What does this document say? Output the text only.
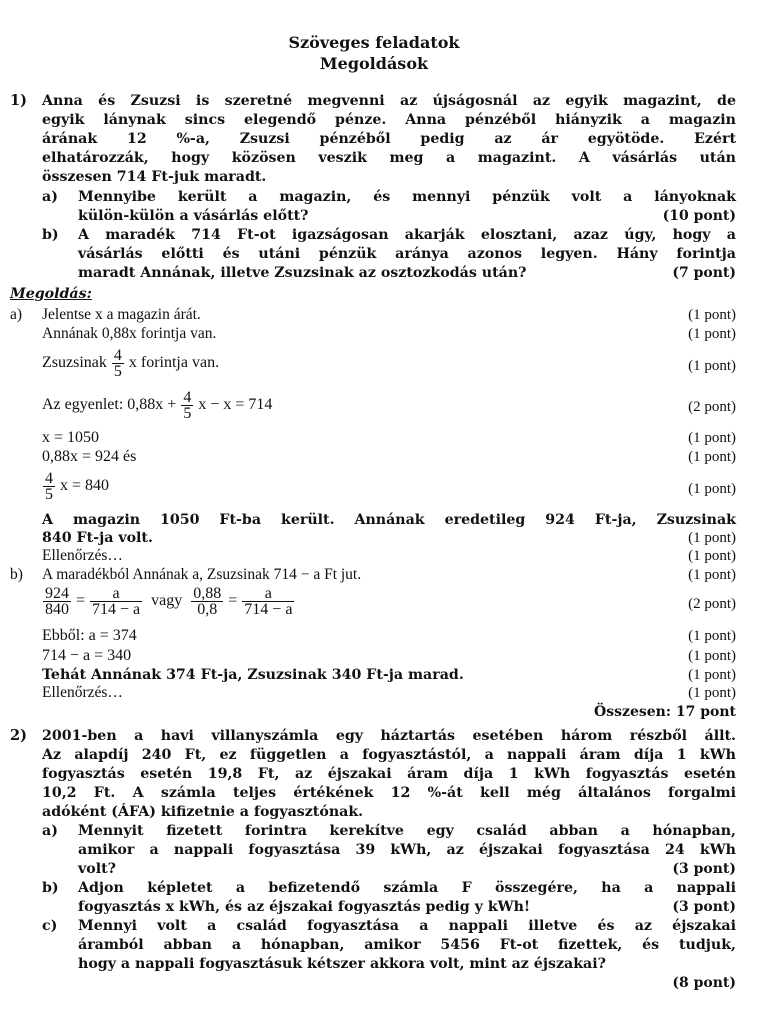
Szöveges feladatok
Megoldások
1) Anna és Zsuzsi is szeretné megvenni az újságosnál az egyik magazint, de
egyik lánynak sincs elegendő pénze. Anna pénzéből hiányzik a magazin
árának 12 %-a, Zsuzsi pénzéből pedig az ár egyötöde. Ezért
elhatározzák, hogy közösen veszik meg a magazint. A vásárlás után
összesen 714 Ft-juk maradt.
a) Mennyibe került a magazin, és mennyi pénzük volt a lányoknak
külön-külön a vásárlás előtt?	(10 pont)
b) A maradék 714 Ft-ot igazságosan akarják elosztani, azaz úgy, hogy a
vásárlás előtti és utáni pénzük aránya azonos legyen. Hány forintja
maradt Annának, illetve Zsuzsinak az osztozkodás után?	(7 pont)
Megoldás:
a) Jelentse x a magazin árát.	(1 pont)
Annának 0,88x forintja van.	(1 pont)
Zsuzsinak $\frac{4}{5}$ x forintja van.	(1 pont)
Az egyenlet: $0,88x + \frac{4}{5}$ x − x = 714	(2 pont)
x = 1050	(1 pont)
0,88x = 924 és	(1 pont)
$\frac{4}{5}$ x = 840	(1 pont)
A magazin 1050 Ft-ba került. Annának eredetileg 924 Ft-ja, Zsuzsinak
840 Ft-ja volt.	(1 pont)
Ellenőrzés…	(1 pont)
b) A maradékból Annának a, Zsuzsinak 714 − a Ft jut.	(1 pont)
$\frac{924}{840} = \frac{a}{714 - a}$ vagy $\frac{0,88}{0,8} = \frac{a}{714 - a}$	(2 pont)
Ebből: a = 374	(1 pont)
714 − a = 340	(1 pont)
Tehát Annának 374 Ft-ja, Zsuzsinak 340 Ft-ja marad.	(1 pont)
Ellenőrzés…	(1 pont)
Összesen: 17 pont
2) 2001-ben a havi villanyszámla egy háztartás esetében három részből állt.
Az alapdíj 240 Ft, ez független a fogyasztástól, a nappali áram díja 1 kWh
fogyasztás esetén 19,8 Ft, az éjszakai áram díja 1 kWh fogyasztás esetén
10,2 Ft. A számla teljes értékének 12 %-át kell még általános forgalmi
adóként (ÁFA) kifizetnie a fogyasztónak.
a) Mennyit fizetett forintra kerekítve egy család abban a hónapban,
amikor a nappali fogyasztása 39 kWh, az éjszakai fogyasztása 24 kWh
volt?	(3 pont)
b) Adjon képletet a befizetendő számla F összegére, ha a nappali
fogyasztás x kWh, és az éjszakai fogyasztás pedig y kWh!	(3 pont)
c) Mennyi volt a család fogyasztása a nappali illetve és az éjszakai
áramból abban a hónapban, amikor 5456 Ft-ot fizettek, és tudjuk,
hogy a nappali fogyasztásuk kétszer akkora volt, mint az éjszakai?
(8 pont)
